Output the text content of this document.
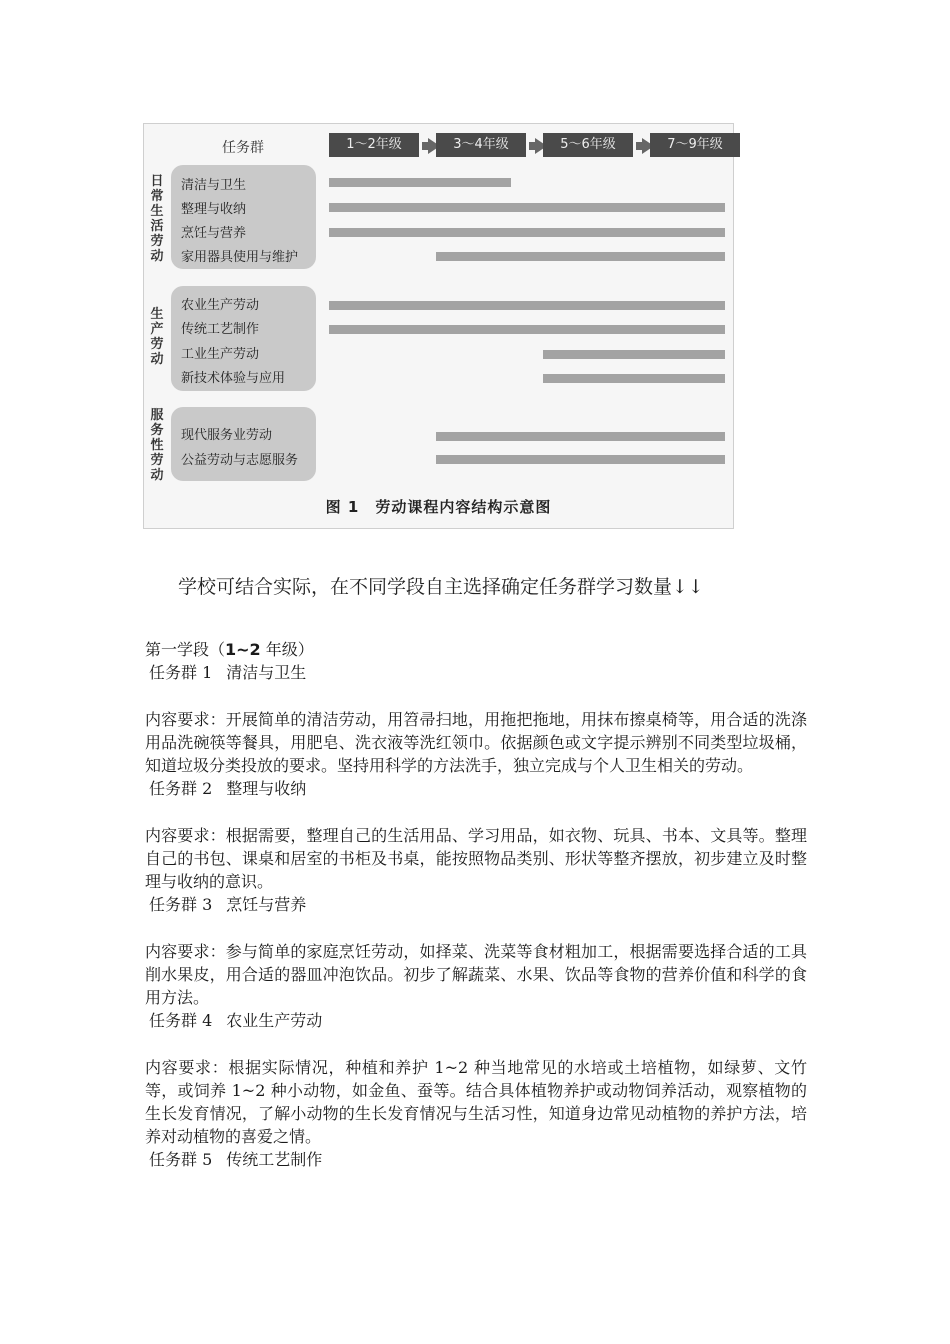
任务群	1～2年级	3～4年级	5～6年级	7～9年级
日常生活劳动
清洁与卫生
整理与收纳
烹饪与营养
家用器具使用与维护
生产劳动
农业生产劳动
传统工艺制作
工业生产劳动
新技术体验与应用
服务性劳动
现代服务业劳动
公益劳动与志愿服务
图 1 劳动课程内容结构示意图
学校可结合实际，在不同学段自主选择确定任务群学习数量↓↓

第一学段（1~2 年级）

任务群 1 清洁与卫生

内容要求：开展简单的清洁劳动，用笤帚扫地，用拖把拖地，用抹布擦桌椅等，用合适的洗涤用品洗碗筷等餐具，用肥皂、洗衣液等洗红领巾。依据颜色或文字提示辨别不同类型垃圾桶，知道垃圾分类投放的要求。坚持用科学的方法洗手，独立完成与个人卫生相关的劳动。

任务群 2 整理与收纳

内容要求：根据需要，整理自己的生活用品、学习用品，如衣物、玩具、书本、文具等。整理自己的书包、课桌和居室的书柜及书桌，能按照物品类别、形状等整齐摆放，初步建立及时整理与收纳的意识。

任务群 3 烹饪与营养

内容要求：参与简单的家庭烹饪劳动，如择菜、洗菜等食材粗加工，根据需要选择合适的工具削水果皮，用合适的器皿冲泡饮品。初步了解蔬菜、水果、饮品等食物的营养价值和科学的食用方法。

任务群 4 农业生产劳动

内容要求：根据实际情况，种植和养护 1~2 种当地常见的水培或土培植物，如绿萝、文竹等，或饲养 1~2 种小动物，如金鱼、蚕等。结合具体植物养护或动物饲养活动，观察植物的生长发育情况，了解小动物的生长发育情况与生活习性，知道身边常见动植物的养护方法，培养对动植物的喜爱之情。

任务群 5 传统工艺制作
